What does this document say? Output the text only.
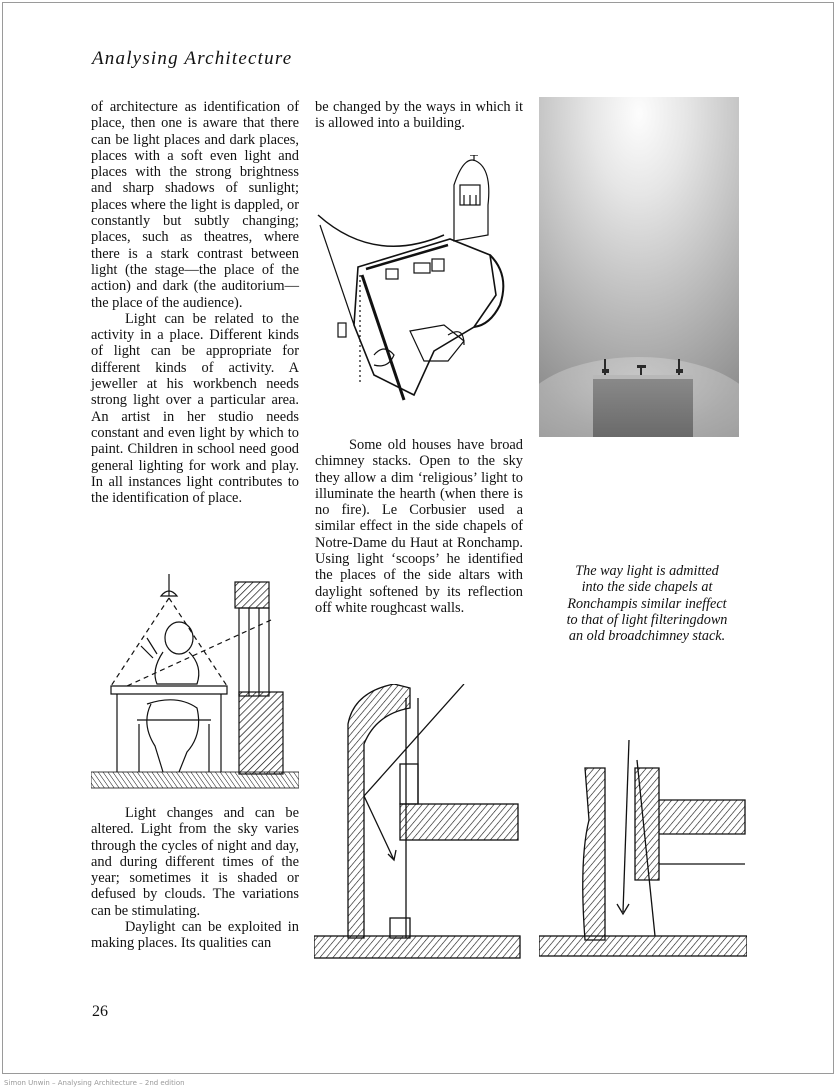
Analysing Architecture

of architecture as identification of place, then one is aware that there can be light places and dark places, places with a soft even light and places with the strong brightness and sharp shadows of sunlight; places where the light is dappled, or constantly but subtly changing; places, such as theatres, where there is a stark contrast between light (the stage—the place of the action) and dark (the auditorium—the place of the audience).

Light can be related to the activity in a place. Different kinds of light can be appropriate for different kinds of activity. A jeweller at his workbench needs strong light over a particular area. An artist in her studio needs constant and even light by which to paint. Children in school need good general lighting for work and play. In all instances light contributes to the identification of place.

be changed by the ways in which it is allowed into a building.

Some old houses have broad chimney stacks. Open to the sky they allow a dim ‘religious’ light to illuminate the hearth (when there is no fire). Le Corbusier used a similar effect in the side chapels of Notre-Dame du Haut at Ronchamp. Using light ‘scoops’ he identified the places of the side altars with daylight softened by its reflection off white roughcast walls.

The way light is admitted
into the side chapels at
Ronchampis similar ineffect
to that of light filteringdown
an old broadchimney stack.

Light changes and can be altered. Light from the sky varies through the cycles of night and day, and during different times of the year; sometimes it is shaded or defused by clouds. The variations can be stimulating.

Daylight can be exploited in making places. Its qualities can

26
Simon Unwin – Analysing Architecture – 2nd edition
